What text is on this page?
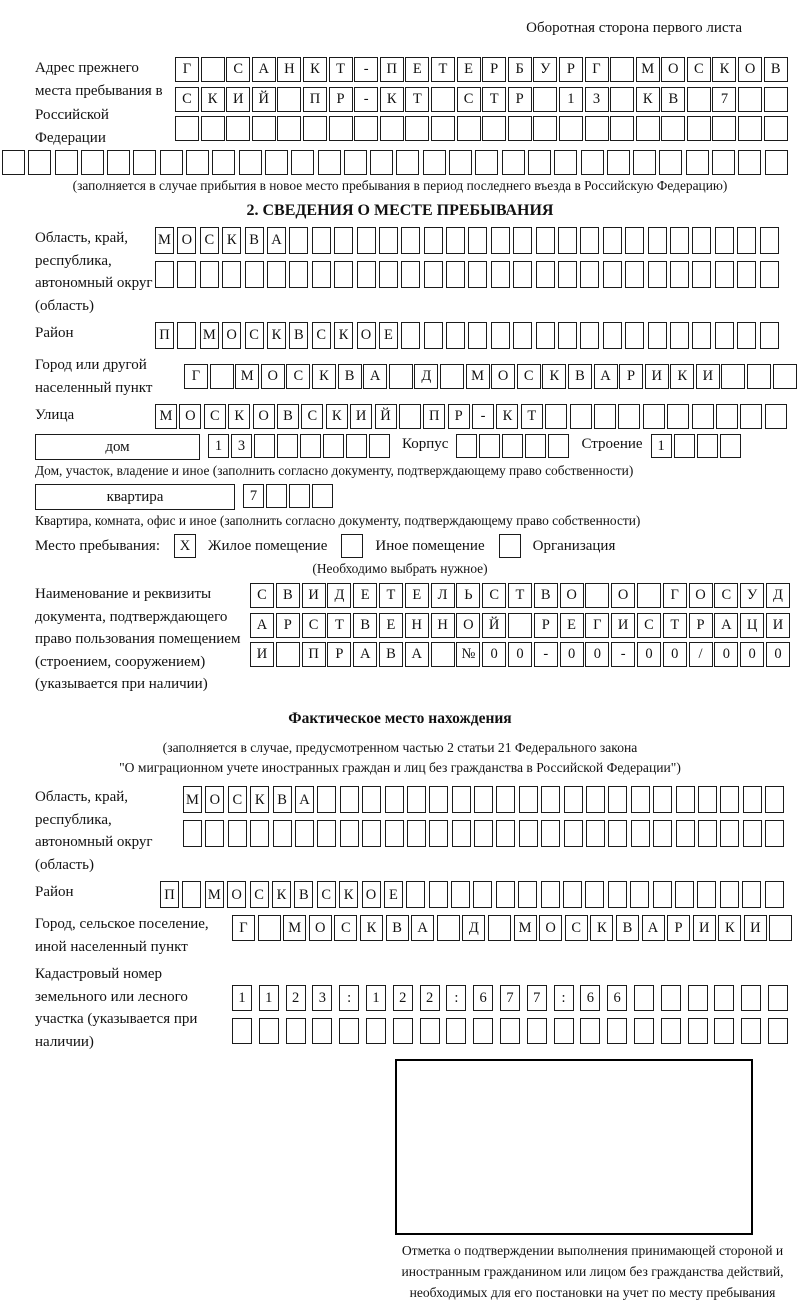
Оборотная сторона первого листа
Адрес прежнего места пребывания в Российской Федерации
Г	С	А	Н	К	Т	-	П	Е	Т	Е	Р	Б	У	Р	Г	М О	С	К	О	В
С	К	И	Й	П	Р	-	К	Т	С	Т	Р	1	3	К	В	7
(заполняется в случае прибытия в новое место пребывания в период последнего въезда в Российскую Федерацию)
2. СВЕДЕНИЯ О МЕСТЕ ПРЕБЫВАНИЯ
Область, край, республика, автономный округ (область)
М О С К В А
Район	П М О С К В С К О Е
Город или другой населенный пункт
Г	М О	С	К	В	А	Д	М О	С	К	В	А	Р	И	К	И
Улица	М О С	К О В	С	К И Й	П	Р	-	К	Т
дом	1	3	Корпус	Строение	1
Дом, участок, владение и иное (заполнить согласно документу, подтверждающему право собственности)
квартира	7
Квартира, комната, офис и иное (заполнить согласно документу, подтверждающему право собственности)
Место пребывания:	X	Жилое помещение	Иное помещение	Организация
(Необходимо выбрать нужное)
Наименование и реквизиты документа, подтверждающего право пользования помещением (строением, сооружением) (указывается при наличии)
С	В	И	Д	Е	Т	Е	Л	Ь	С	Т	В	О	О	Г	О	С	У	Д
А	Р	С	Т	В	Е	Н	Н	О	Й	Р	Е	Г	И	С	Т	Р	А	Ц	И
И	П	Р	А	В	А	№	0	0	-	0	0	-	0	0	/	0	0	0
Фактическое место нахождения
(заполняется в случае, предусмотренном частью 2 статьи 21 Федерального закона
"О миграционном учете иностранных граждан и лиц без гражданства в Российской Федерации")
Область, край, республика, автономный округ (область)
М О С К В А
Район	П М О С К В С К О Е
Город, сельское поселение, иной населенный пункт
Г	М О	С	К	В	А	Д	М О	С	К	В	А	Р	И	К	И
Кадастровый номер земельного или лесного участка (указывается при наличии)
1	1	2	3	:	1	2	2	:	6	7	7	:	6	6
Отметка о подтверждении выполнения принимающей стороной и иностранным гражданином или лицом без гражданства действий, необходимых для его постановки на учет по месту пребывания
